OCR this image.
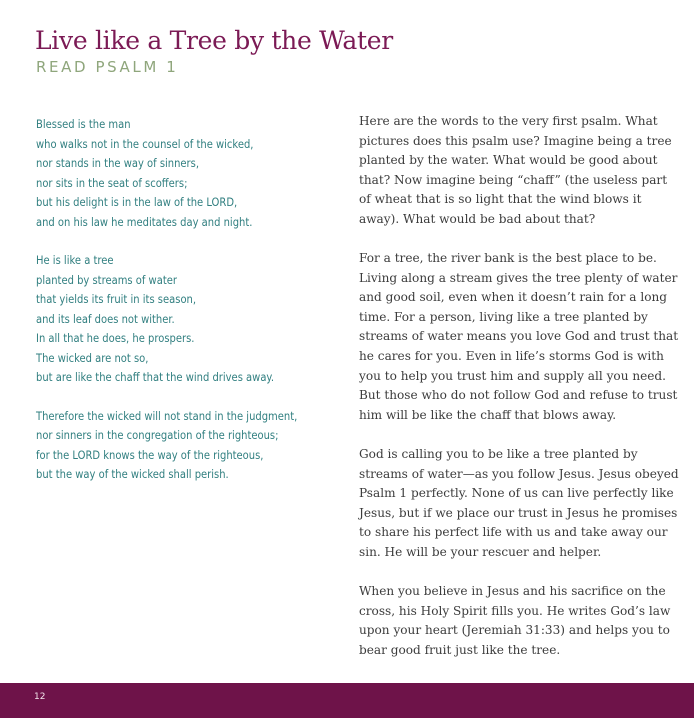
Live like a Tree by the Water
READ PSALM 1
Blessed is the man
who walks not in the counsel of the wicked,
nor stands in the way of sinners,
nor sits in the seat of scoffers;
but his delight is in the law of the LORD,
and on his law he meditates day and night.
He is like a tree
planted by streams of water
that yields its fruit in its season,
and its leaf does not wither.
In all that he does, he prospers.
The wicked are not so,
but are like the chaff that the wind drives away.
Therefore the wicked will not stand in the judgment,
nor sinners in the congregation of the righteous;
for the LORD knows the way of the righteous,
but the way of the wicked shall perish.

Here are the words to the very first psalm. What
pictures does this psalm use? Imagine being a tree
planted by the water. What would be good about
that? Now imagine being “chaff” (the useless part
of wheat that is so light that the wind blows it
away). What would be bad about that?

For a tree, the river bank is the best place to be.
Living along a stream gives the tree plenty of water
and good soil, even when it doesn’t rain for a long
time. For a person, living like a tree planted by
streams of water means you love God and trust that
he cares for you. Even in life’s storms God is with
you to help you trust him and supply all you need.
But those who do not follow God and refuse to trust
him will be like the chaff that blows away.

God is calling you to be like a tree planted by
streams of water—as you follow Jesus. Jesus obeyed
Psalm 1 perfectly. None of us can live perfectly like
Jesus, but if we place our trust in Jesus he promises
to share his perfect life with us and take away our
sin. He will be your rescuer and helper.

When you believe in Jesus and his sacrifice on the
cross, his Holy Spirit fills you. He writes God’s law
upon your heart (Jeremiah 31:33) and helps you to
bear good fruit just like the tree.

12
